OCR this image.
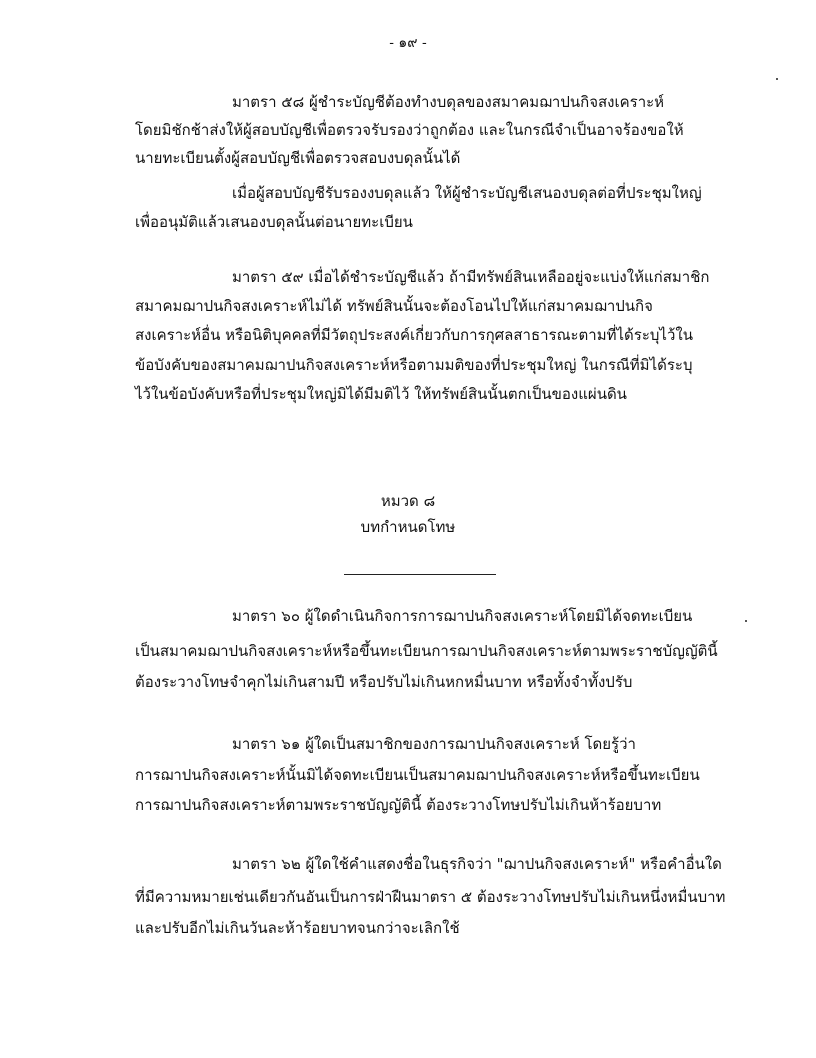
- ๑๙ -
มาตรา ๕๘ ผู้ชำระบัญชีต้องทำงบดุลของสมาคมฌาปนกิจสงเคราะห์
โดยมิชักช้าส่งให้ผู้สอบบัญชีเพื่อตรวจรับรองว่าถูกต้อง และในกรณีจำเป็นอาจร้องขอให้
นายทะเบียนตั้งผู้สอบบัญชีเพื่อตรวจสอบงบดุลนั้นได้
เมื่อผู้สอบบัญชีรับรองงบดุลแล้ว ให้ผู้ชำระบัญชีเสนองบดุลต่อที่ประชุมใหญ่
เพื่ออนุมัติแล้วเสนองบดุลนั้นต่อนายทะเบียน
มาตรา ๕๙ เมื่อได้ชำระบัญชีแล้ว ถ้ามีทรัพย์สินเหลืออยู่จะแบ่งให้แก่สมาชิก
สมาคมฌาปนกิจสงเคราะห์ไม่ได้ ทรัพย์สินนั้นจะต้องโอนไปให้แก่สมาคมฌาปนกิจ
สงเคราะห์อื่น หรือนิติบุคคลที่มีวัตถุประสงค์เกี่ยวกับการกุศลสาธารณะตามที่ได้ระบุไว้ใน
ข้อบังคับของสมาคมฌาปนกิจสงเคราะห์หรือตามมติของที่ประชุมใหญ่ ในกรณีที่มิได้ระบุ
ไว้ในข้อบังคับหรือที่ประชุมใหญ่มิได้มีมติไว้ ให้ทรัพย์สินนั้นตกเป็นของแผ่นดิน
หมวด ๘
บทกำหนดโทษ
มาตรา ๖๐ ผู้ใดดำเนินกิจการการฌาปนกิจสงเคราะห์โดยมิได้จดทะเบียน
เป็นสมาคมฌาปนกิจสงเคราะห์หรือขึ้นทะเบียนการฌาปนกิจสงเคราะห์ตามพระราชบัญญัตินี้
ต้องระวางโทษจำคุกไม่เกินสามปี หรือปรับไม่เกินหกหมื่นบาท หรือทั้งจำทั้งปรับ
มาตรา ๖๑ ผู้ใดเป็นสมาชิกของการฌาปนกิจสงเคราะห์ โดยรู้ว่า
การฌาปนกิจสงเคราะห์นั้นมิได้จดทะเบียนเป็นสมาคมฌาปนกิจสงเคราะห์หรือขึ้นทะเบียน
การฌาปนกิจสงเคราะห์ตามพระราชบัญญัตินี้ ต้องระวางโทษปรับไม่เกินห้าร้อยบาท
มาตรา ๖๒ ผู้ใดใช้คำแสดงชื่อในธุรกิจว่า "ฌาปนกิจสงเคราะห์" หรือคำอื่นใด
ที่มีความหมายเช่นเดียวกันอันเป็นการฝ่าฝืนมาตรา ๕ ต้องระวางโทษปรับไม่เกินหนึ่งหมื่นบาท
และปรับอีกไม่เกินวันละห้าร้อยบาทจนกว่าจะเลิกใช้
